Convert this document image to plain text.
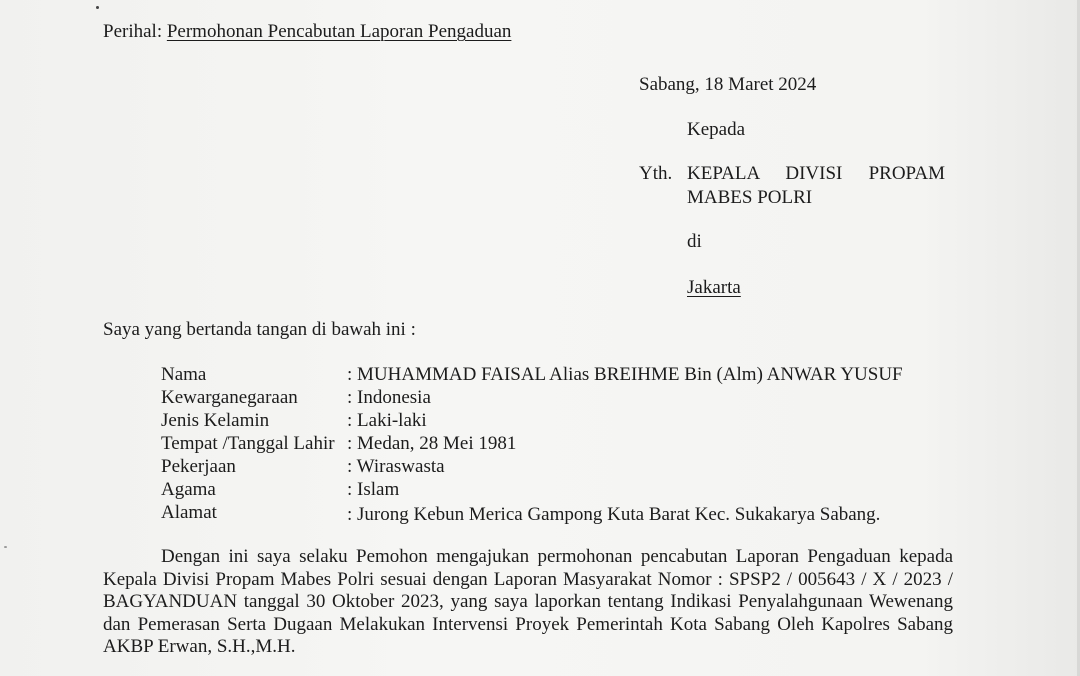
Perihal: Permohonan Pencabutan Laporan Pengaduan
Sabang, 18 Maret 2024
Kepada
Yth. KEPALA DIVISI PROPAM
MABES POLRI
di
Jakarta
Saya yang bertanda tangan di bawah ini :
Nama	: MUHAMMAD FAISAL Alias BREIHME Bin (Alm) ANWAR YUSUF
Kewarganegaraan	: Indonesia
Jenis Kelamin	: Laki-laki
Tempat /Tanggal Lahir : Medan, 28 Mei 1981
Pekerjaan	: Wiraswasta
Agama	: Islam
Alamat	: Jurong Kebun Merica Gampong Kuta Barat Kec. Sukakarya Sabang.
Dengan ini saya selaku Pemohon mengajukan permohonan pencabutan Laporan Pengaduan kepada Kepala Divisi Propam Mabes Polri sesuai dengan Laporan Masyarakat Nomor : SPSP2 / 005643 / X / 2023 / BAGYANDUAN tanggal 30 Oktober 2023, yang saya laporkan tentang Indikasi Penyalahgunaan Wewenang dan Pemerasan Serta Dugaan Melakukan Intervensi Proyek Pemerintah Kota Sabang Oleh Kapolres Sabang AKBP Erwan, S.H.,M.H.
